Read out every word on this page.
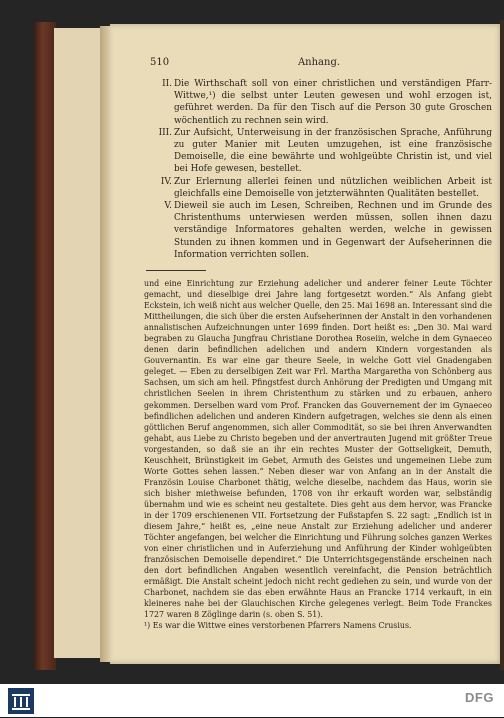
510	Anhang.
II. Die Wirthschaft soll von einer christlichen und verständigen Pfarr-Wittwe,¹) die selbst unter Leuten gewesen und wohl erzogen ist, geführet werden. Da für den Tisch auf die Person 30 gute Groschen wöchentlich zu rechnen sein wird.
III. Zur Aufsicht, Unterweisung in der französischen Sprache, Anführung zu guter Manier mit Leuten umzugehen, ist eine französische Demoiselle, die eine bewährte und wohlgeübte Christin ist, und viel bei Hofe gewesen, bestellet.
IV. Zur Erlernung allerlei feinen und nützlichen weiblichen Arbeit ist gleichfalls eine Demoiselle von jetzterwähnten Qualitäten bestellet.
V. Dieweil sie auch im Lesen, Schreiben, Rechnen und im Grunde des Christenthums unterwiesen werden müssen, sollen ihnen dazu verständige Informatores gehalten werden, welche in gewissen Stunden zu ihnen kommen und in Gegenwart der Aufseherinnen die Information verrichten sollen.

und eine Einrichtung zur Erziehung adelicher und anderer feiner Leute Töchter gemacht, und dieselbige drei Jahre lang fortgesetzt worden.“ Als Anfang giebt Eckstein, ich weiß nicht aus welcher Quelle, den 25. Mai 1698 an. Interessant sind die Mittheilungen, die sich über die ersten Aufseherinnen der Anstalt in den vorhandenen annalistischen Aufzeichnungen unter 1699 finden. Dort heißt es: „Den 30. Mai ward begraben zu Glaucha Jungfrau Christiane Dorothea Roseiin, welche in dem Gynaeceo denen darin befindlichen adelichen und andern Kindern vorgestanden als Gouvernantin. Es war eine gar theure Seele, in welche Gott viel Gnadengaben geleget. — Eben zu derselbigen Zeit war Frl. Martha Margaretha von Schönberg aus Sachsen, um sich am heil. Pfingstfest durch Anhörung der Predigten und Umgang mit christlichen Seelen in ihrem Christenthum zu stärken und zu erbauen, anhero gekommen. Derselben ward vom Prof. Francken das Gouvernement der im Gynaeceo befindlichen adelichen und anderen Kindern aufgetragen, welches sie denn als einen göttlichen Beruf angenommen, sich aller Commodität, so sie bei ihren Anverwandten gehabt, aus Liebe zu Christo begeben und der anvertrauten Jugend mit größter Treue vorgestanden, so daß sie an ihr ein rechtes Muster der Gottseligkeit, Demuth, Keuschheit, Brünstigkeit im Gebet, Armuth des Geistes und ungemeinen Liebe zum Worte Gottes sehen lassen.“ Neben dieser war von Anfang an in der Anstalt die Französin Louise Charbonet thätig, welche dieselbe, nachdem das Haus, worin sie sich bisher miethweise befunden, 1708 von ihr erkauft worden war, selbständig übernahm und wie es scheint neu gestaltete. Dies geht aus dem hervor, was Francke in der 1709 erschienenen VII. Fortsetzung der Fußstapfen S. 22 sagt: „Endlich ist in diesem Jahre,“ heißt es, „eine neue Anstalt zur Erziehung adelicher und anderer Töchter angefangen, bei welcher die Einrichtung und Führung solches ganzen Werkes von einer christlichen und in Auferziehung und Anführung der Kinder wohlgeübten französischen Demoiselle dependiret.“ Die Unterrichtsgegenstände erscheinen nach den dort befindlichen Angaben wesentlich vereinfacht, die Pension beträchtlich ermäßigt. Die Anstalt scheint jedoch nicht recht gediehen zu sein, und wurde von der Charbonet, nachdem sie das eben erwähnte Haus an Francke 1714 verkauft, in ein kleineres nahe bei der Glauchischen Kirche gelegenes verlegt. Beim Tode Franckes 1727 waren 8 Zöglinge darin (s. oben S. 51).

¹) Es war die Wittwe eines verstorbenen Pfarrers Namens Crusius.

DFG
